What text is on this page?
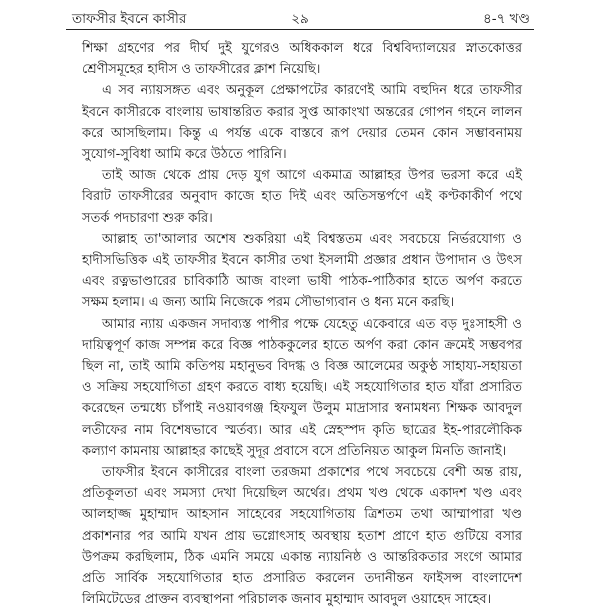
তাফসীর ইবনে কাসীর	২৯	৪-৭ খণ্ড

শিক্ষা গ্রহণের পর দীর্ঘ দুই যুগেরও অধিককাল ধরে বিশ্ববিদ্যালয়ের স্নাতকোত্তর শ্রেণীসমূহের হাদীস ও তাফসীরের ক্লাশ নিয়েছি।

এ সব ন্যায়সঙ্গত এবং অনুকূল প্রেক্ষাপটের কারণেই আমি বহুদিন ধরে তাফসীর ইবনে কাসীরকে বাংলায় ভাষান্তরিত করার সুপ্ত আকাংখা অন্তরের গোপন গহনে লালন করে আসছিলাম। কিন্তু এ পর্যন্ত একে বাস্তবে রূপ দেয়ার তেমন কোন সম্ভাবনাময় সুযোগ-সুবিধা আমি করে উঠতে পারিনি।

তাই আজ থেকে প্রায় দেড় যুগ আগে একমাত্র আল্লাহর উপর ভরসা করে এই বিরাট তাফসীরের অনুবাদ কাজে হাত দিই এবং অতিসন্তর্পণে এই কণ্টকাকীর্ণ পথে সতর্ক পদচারণা শুরু করি।

আল্লাহ তা'আলার অশেষ শুকরিয়া এই বিশ্বস্ততম এবং সবচেয়ে নির্ভরযোগ্য ও হাদীসভিত্তিক এই তাফসীর ইবনে কাসীর তথা ইসলামী প্রজ্ঞার প্রধান উপাদান ও উৎস এবং রত্নভাণ্ডারের চাবিকাঠি আজ বাংলা ভাষী পাঠক-পাঠিকার হাতে অর্পণ করতে সক্ষম হলাম। এ জন্য আমি নিজেকে পরম সৌভাগ্যবান ও ধন্য মনে করছি।

আমার ন্যায় একজন সদাব্যস্ত পাপীর পক্ষে যেহেতু একেবারে এত বড় দুঃসাহসী ও দায়িত্বপূর্ণ কাজ সম্পন্ন করে বিজ্ঞ পাঠককুলের হাতে অর্পণ করা কোন ক্রমেই সম্ভবপর ছিল না, তাই আমি কতিপয় মহানুভব বিদগ্ধ ও বিজ্ঞ আলেমের অকুণ্ঠ সাহায্য-সহায়তা ও সক্রিয় সহযোগিতা গ্রহণ করতে বাধ্য হয়েছি। এই সহযোগিতার হাত যাঁরা প্রসারিত করেছেন তন্মধ্যে চাঁপাই নওয়াবগঞ্জ হিফযুল উলুম মাদ্রাসার স্বনামধন্য শিক্ষক আবদুল লতীফের নাম বিশেষভাবে স্মর্তব্য। আর এই স্নেহস্পদ কৃতি ছাত্রের ইহ-পারলৌকিক কল্যাণ কামনায় আল্লাহর কাছেই সুদূর প্রবাসে বসে প্রতিনিয়ত আকুল মিনতি জানাই।

তাফসীর ইবনে কাসীরের বাংলা তরজমা প্রকাশের পথে সবচেয়ে বেশী অন্ত রায়, প্রতিকূলতা এবং সমস্যা দেখা দিয়েছিল অর্থের। প্রথম খণ্ড থেকে একাদশ খণ্ড এবং আলহাজ্জ মুহাম্মাদ আহসান সাহেবের সহযোগিতায় ত্রিশতম তথা আম্মাপারা খণ্ড প্রকাশনার পর আমি যখন প্রায় ভগ্নোৎসাহ অবস্থায় হতাশ প্রাণে হাত গুটিয়ে বসার উপক্রম করছিলাম, ঠিক এমনি সময়ে একান্ত ন্যায়নিষ্ঠ ও আন্তরিকতার সংগে আমার প্রতি সার্বিক সহযোগিতার হাত প্রসারিত করলেন তদানীন্তন ফাইসন্স বাংলাদেশ লিমিটেডের প্রাক্তন ব্যবস্থাপনা পরিচালক জনাব মুহাম্মাদ আবদুল ওয়াহেদ সাহেব।
